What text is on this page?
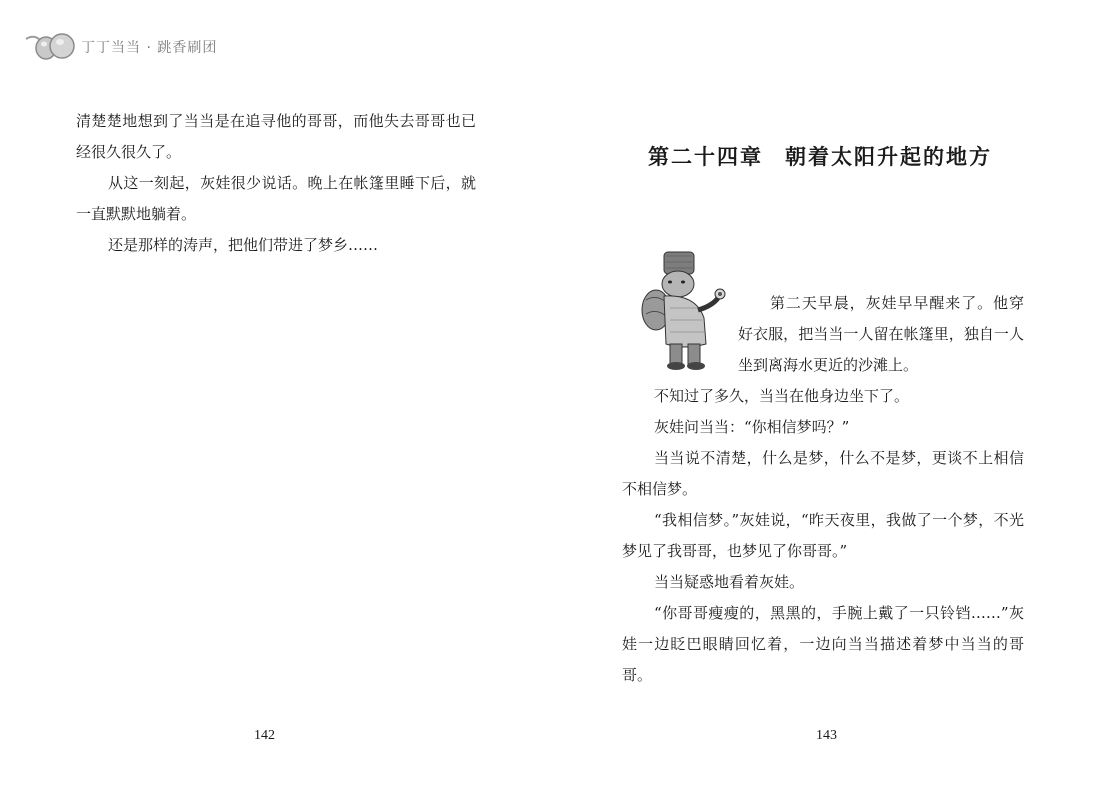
丁丁当当 · 跳香刷团

清楚楚地想到了当当是在追寻他的哥哥，而他失去哥哥也已经很久很久了。

从这一刻起，灰娃很少说话。晚上在帐篷里睡下后，就一直默默地躺着。

还是那样的涛声，把他们带进了梦乡……

142
第二十四章 朝着太阳升起的地方

第二天早晨，灰娃早早醒来了。他穿好衣服，把当当一人留在帐篷里，独自一人坐到离海水更近的沙滩上。

不知过了多久，当当在他身边坐下了。

灰娃问当当：“你相信梦吗？”

当当说不清楚，什么是梦，什么不是梦，更谈不上相信不相信梦。

“我相信梦。”灰娃说，“昨天夜里，我做了一个梦，不光梦见了我哥哥，也梦见了你哥哥。”

当当疑惑地看着灰娃。

“你哥哥瘦瘦的，黑黑的，手腕上戴了一只铃铛……”灰娃一边眨巴眼睛回忆着，一边向当当描述着梦中当当的哥哥。

143
